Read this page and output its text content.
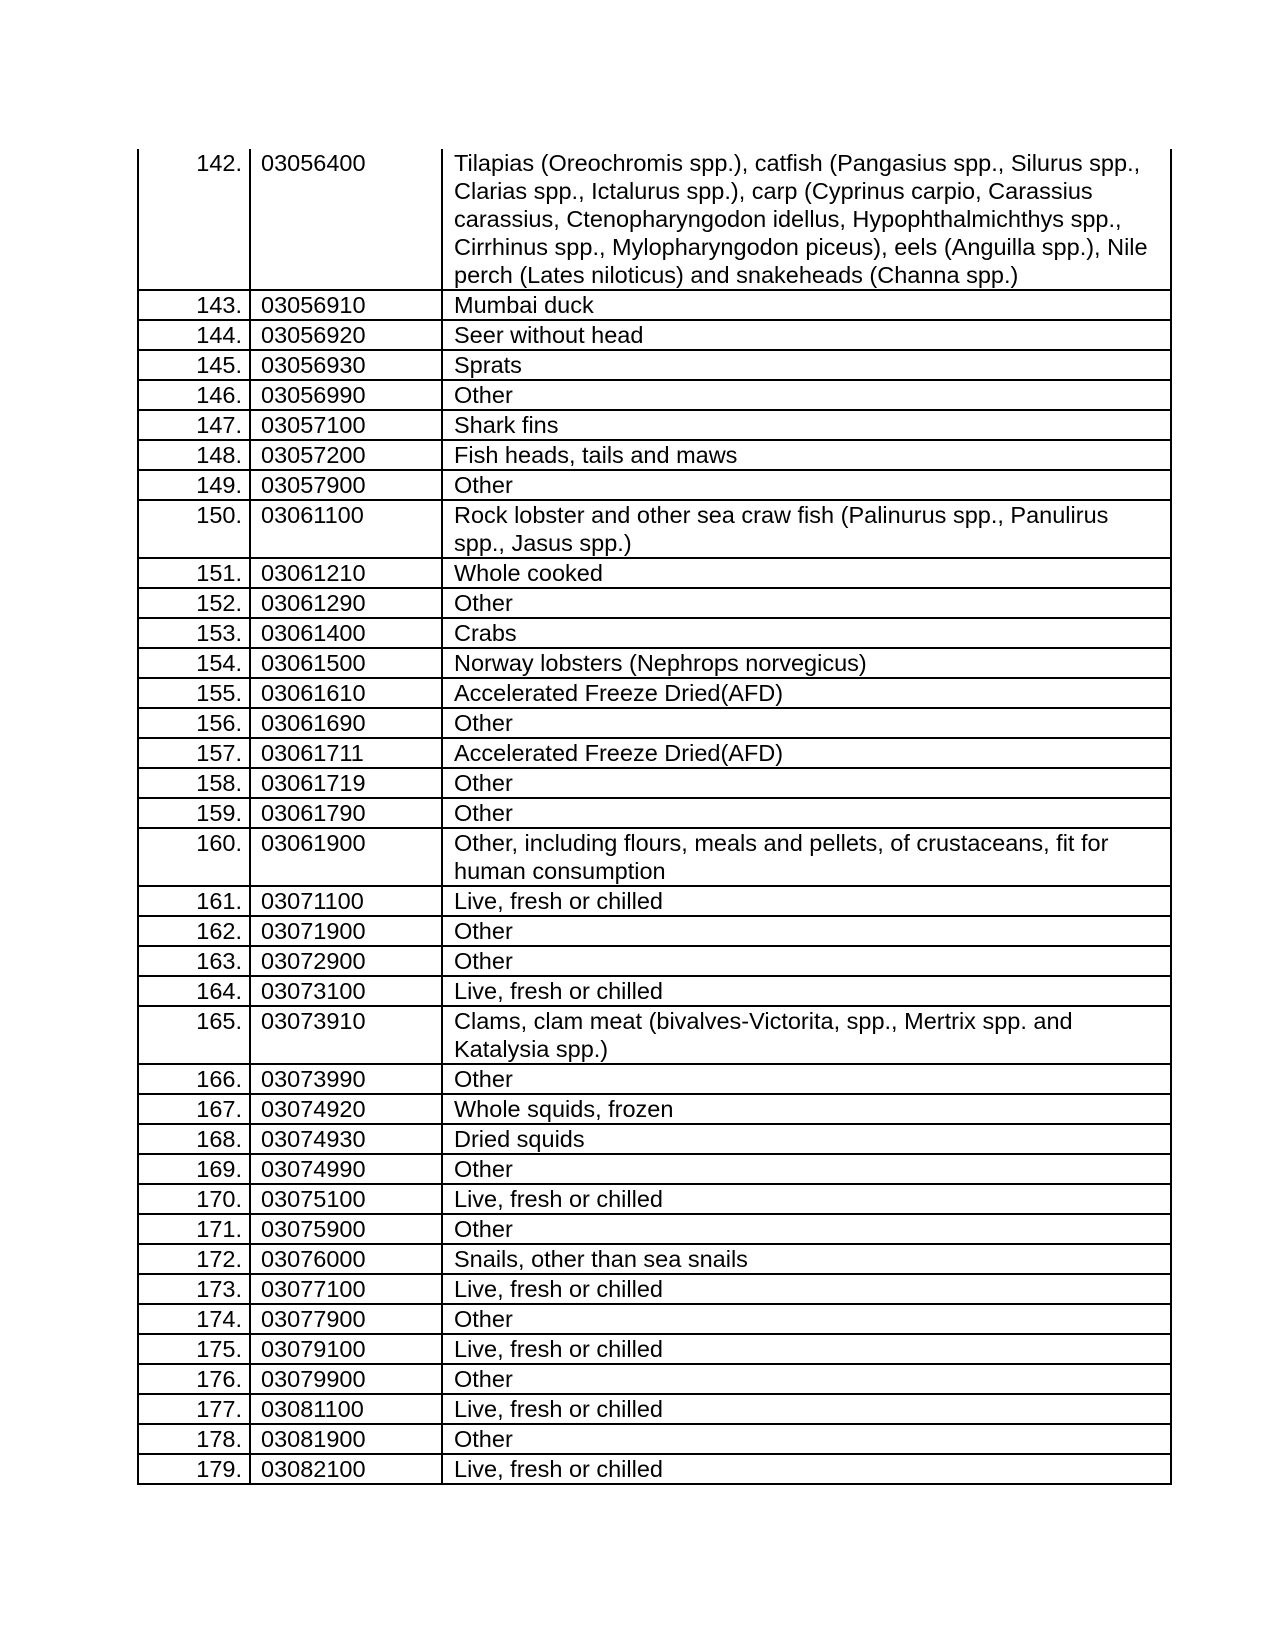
142.	03056400	Tilapias (Oreochromis spp.), catfish (Pangasius spp., Silurus spp., Clarias spp., Ictalurus spp.), carp (Cyprinus carpio, Carassius carassius, Ctenopharyngodon idellus, Hypophthalmichthys spp., Cirrhinus spp., Mylopharyngodon piceus), eels (Anguilla spp.), Nile perch (Lates niloticus) and snakeheads (Channa spp.)
143.	03056910	Mumbai duck
144.	03056920	Seer without head
145.	03056930	Sprats
146.	03056990	Other
147.	03057100	Shark fins
148.	03057200	Fish heads, tails and maws
149.	03057900	Other
150.	03061100	Rock lobster and other sea craw fish (Palinurus spp., Panulirus spp., Jasus spp.)
151.	03061210	Whole cooked
152.	03061290	Other
153.	03061400	Crabs
154.	03061500	Norway lobsters (Nephrops norvegicus)
155.	03061610	Accelerated Freeze Dried(AFD)
156.	03061690	Other
157.	03061711	Accelerated Freeze Dried(AFD)
158.	03061719	Other
159.	03061790	Other
160.	03061900	Other, including flours, meals and pellets, of crustaceans, fit for human consumption
161.	03071100	Live, fresh or chilled
162.	03071900	Other
163.	03072900	Other
164.	03073100	Live, fresh or chilled
165.	03073910	Clams, clam meat (bivalves-Victorita, spp., Mertrix spp. and Katalysia spp.)
166.	03073990	Other
167.	03074920	Whole squids, frozen
168.	03074930	Dried squids
169.	03074990	Other
170.	03075100	Live, fresh or chilled
171.	03075900	Other
172.	03076000	Snails, other than sea snails
173.	03077100	Live, fresh or chilled
174.	03077900	Other
175.	03079100	Live, fresh or chilled
176.	03079900	Other
177.	03081100	Live, fresh or chilled
178.	03081900	Other
179.	03082100	Live, fresh or chilled
